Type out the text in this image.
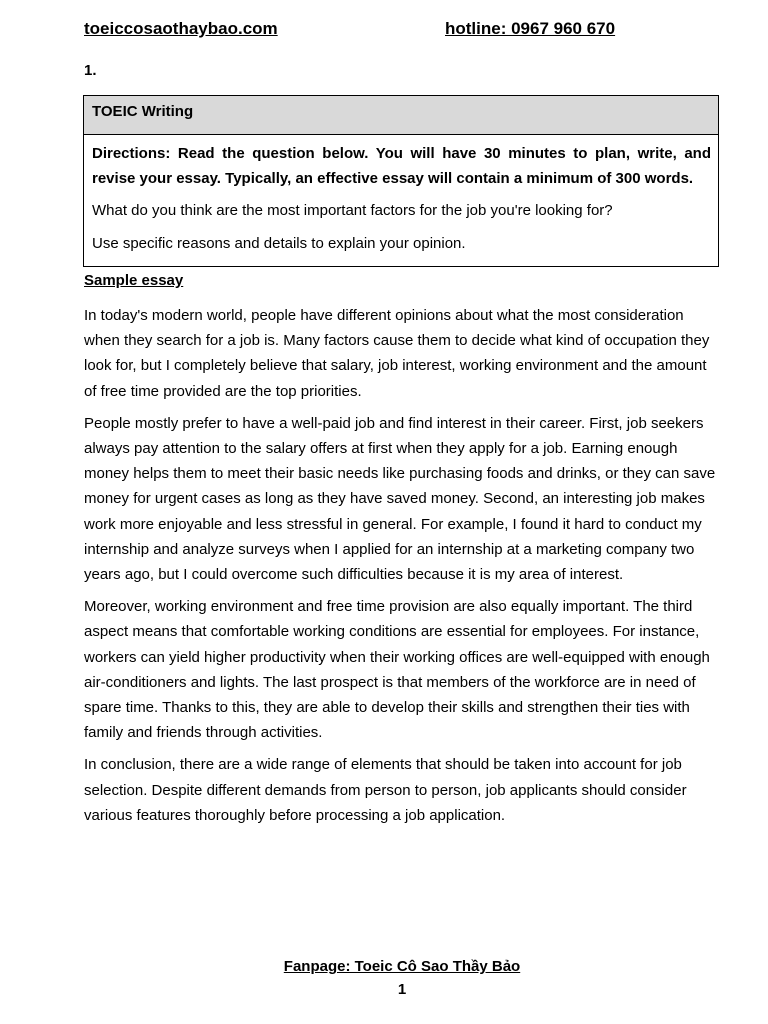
toeiccosaothaybao.com	hotline: 0967 960 670
1.
TOEIC Writing

Directions: Read the question below. You will have 30 minutes to plan, write, and revise your essay. Typically, an effective essay will contain a minimum of 300 words.

What do you think are the most important factors for the job you're looking for?

Use specific reasons and details to explain your opinion.

Sample essay

In today's modern world, people have different opinions about what the most consideration when they search for a job is. Many factors cause them to decide what kind of occupation they look for, but I completely believe that salary, job interest, working environment and the amount of free time provided are the top priorities.

People mostly prefer to have a well-paid job and find interest in their career. First, job seekers always pay attention to the salary offers at first when they apply for a job. Earning enough money helps them to meet their basic needs like purchasing foods and drinks, or they can save money for urgent cases as long as they have saved money. Second, an interesting job makes work more enjoyable and less stressful in general. For example, I found it hard to conduct my internship and analyze surveys when I applied for an internship at a marketing company two years ago, but I could overcome such difficulties because it is my area of interest.

Moreover, working environment and free time provision are also equally important. The third aspect means that comfortable working conditions are essential for employees. For instance, workers can yield higher productivity when their working offices are well-equipped with enough air-conditioners and lights. The last prospect is that members of the workforce are in need of spare time. Thanks to this, they are able to develop their skills and strengthen their ties with family and friends through activities.

In conclusion, there are a wide range of elements that should be taken into account for job selection. Despite different demands from person to person, job applicants should consider various features thoroughly before processing a job application.

Fanpage: Toeic Cô Sao Thầy Bảo
1
